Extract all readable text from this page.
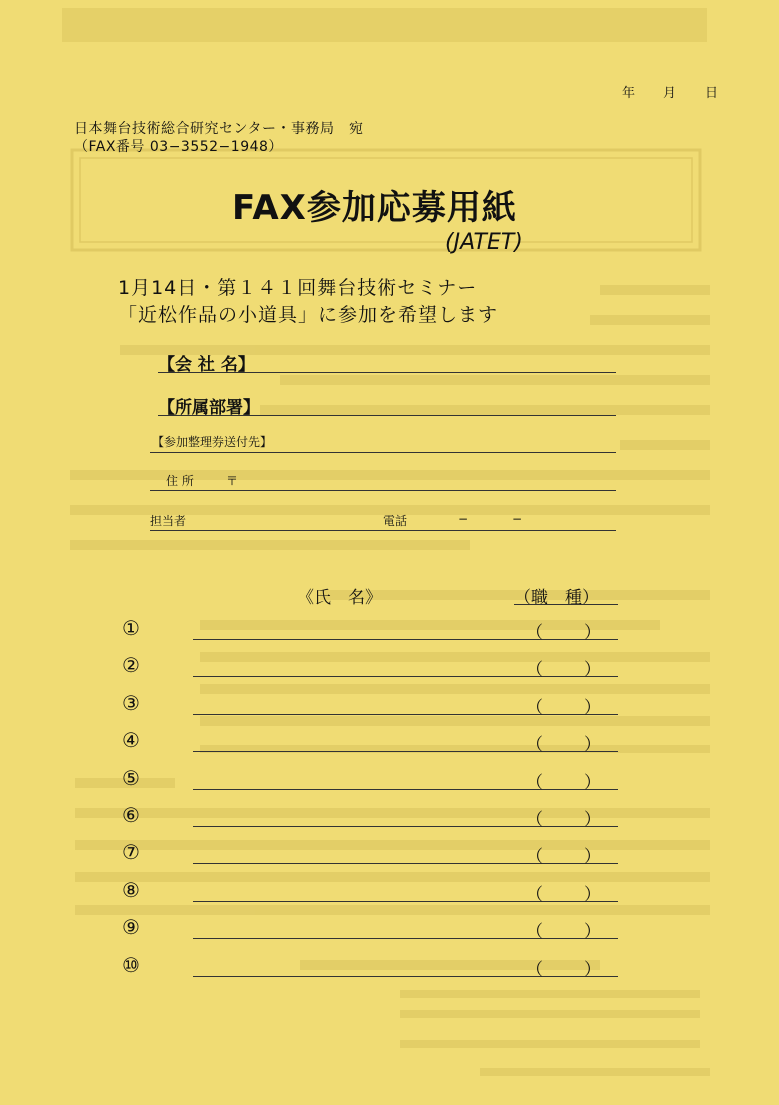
年 月 日
日本舞台技術総合研究センター・事務局　宛
（FAX番号 03−3552−1948）
FAX参加応募用紙
(JATET)
1月14日・第１４１回舞台技術セミナー
「近松作品の小道具」に参加を希望します
【会 社 名】
【所属部署】
【参加整理券送付先】
住 所	〒
担当者	電話	−	−
《氏　名》	（職　種）
①	（ ）
②	（ ）
③	（ ）
④	（ ）
⑤	（ ）
⑥	（ ）
⑦	（ ）
⑧	（ ）
⑨	（ ）
⑩	（ ）
